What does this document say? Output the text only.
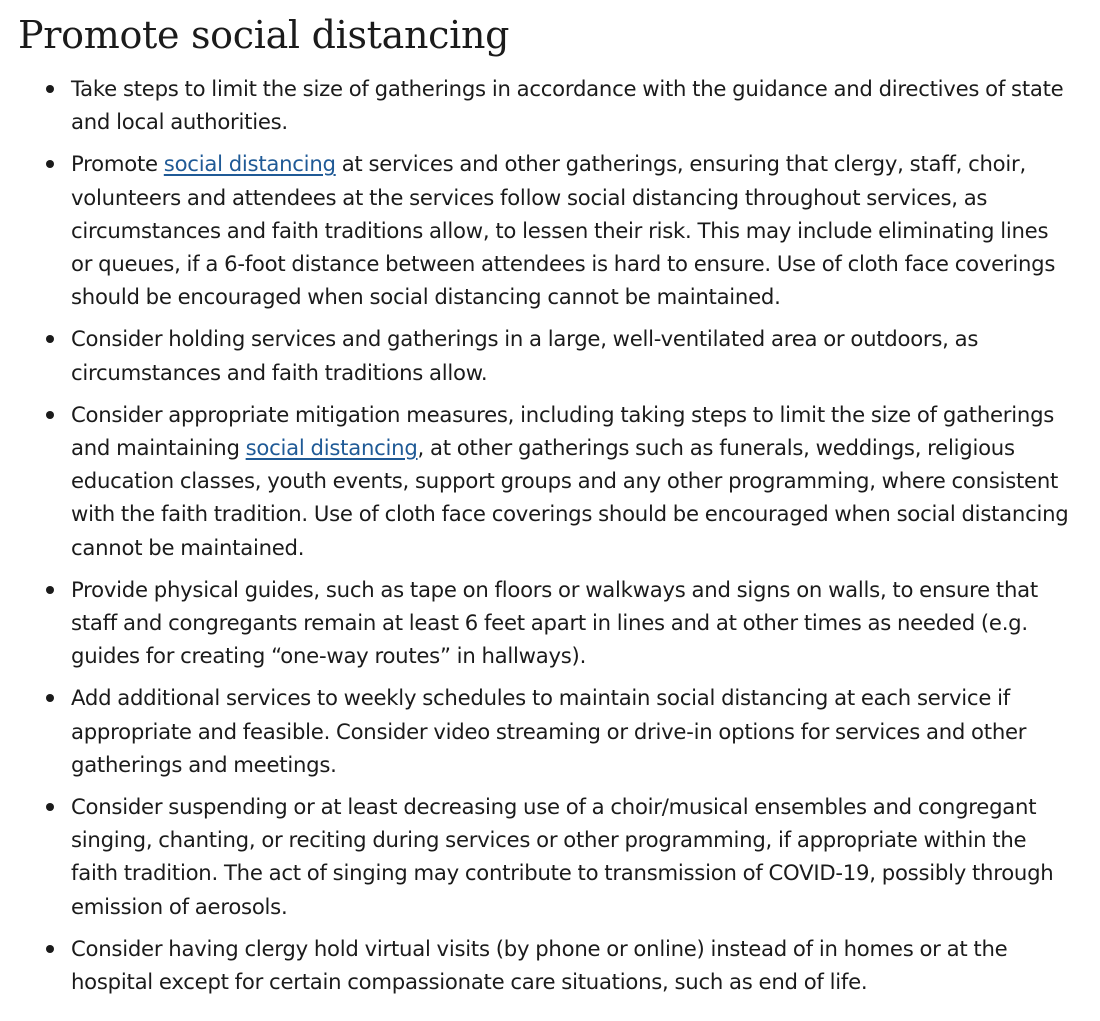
Promote social distancing
Take steps to limit the size of gatherings in accordance with the guidance and directives of state
and local authorities.
Promote social distancing at services and other gatherings, ensuring that clergy, staff, choir,
volunteers and attendees at the services follow social distancing throughout services, as
circumstances and faith traditions allow, to lessen their risk. This may include eliminating lines
or queues, if a 6-foot distance between attendees is hard to ensure. Use of cloth face coverings
should be encouraged when social distancing cannot be maintained.
Consider holding services and gatherings in a large, well-ventilated area or outdoors, as
circumstances and faith traditions allow.
Consider appropriate mitigation measures, including taking steps to limit the size of gatherings
and maintaining social distancing, at other gatherings such as funerals, weddings, religious
education classes, youth events, support groups and any other programming, where consistent
with the faith tradition. Use of cloth face coverings should be encouraged when social distancing
cannot be maintained.
Provide physical guides, such as tape on floors or walkways and signs on walls, to ensure that
staff and congregants remain at least 6 feet apart in lines and at other times as needed (e.g.
guides for creating “one-way routes” in hallways).
Add additional services to weekly schedules to maintain social distancing at each service if
appropriate and feasible. Consider video streaming or drive-in options for services and other
gatherings and meetings.
Consider suspending or at least decreasing use of a choir/musical ensembles and congregant
singing, chanting, or reciting during services or other programming, if appropriate within the
faith tradition. The act of singing may contribute to transmission of COVID-19, possibly through
emission of aerosols.
Consider having clergy hold virtual visits (by phone or online) instead of in homes or at the
hospital except for certain compassionate care situations, such as end of life.
